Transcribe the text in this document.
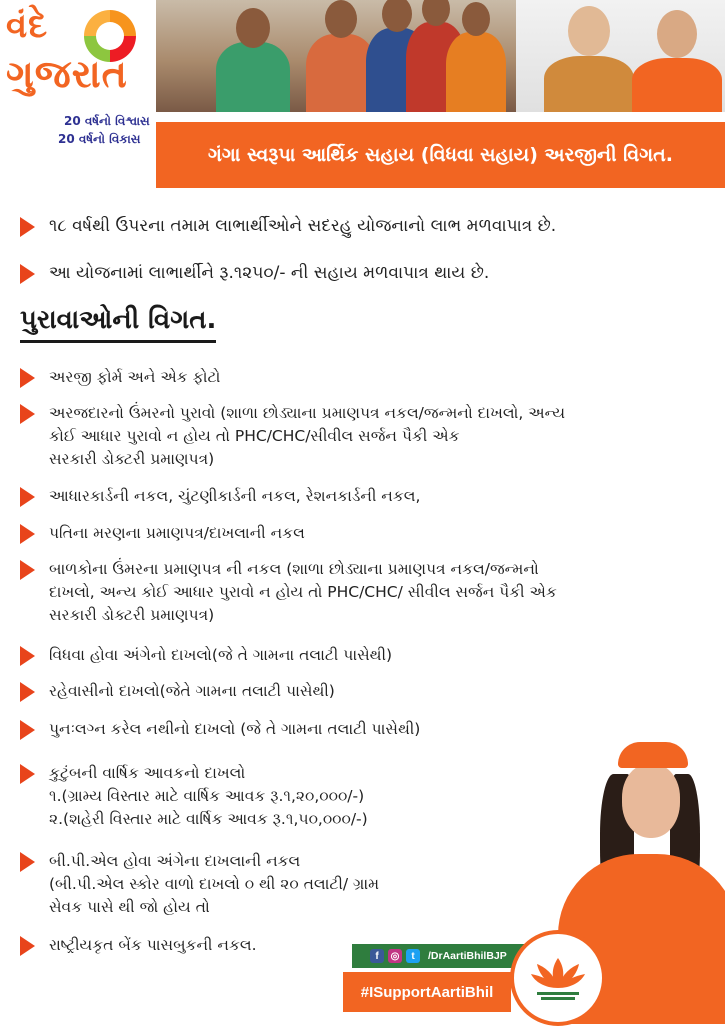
વંદે
ગુજરાત
20 વર્ષનો વિશ્વાસ
20 વર્ષનો વિકાસ
ગંગા સ્વરૂપા આર્થિક સહાય (વિધવા સહાય) અરજીની વિગત.
૧૮ વર્ષથી ઉપરના તમામ લાભાર્થીઓને સદરહુ યોજનાનો લાભ મળવાપાત્ર છે.
આ યોજનામાં લાભાર્થીને રૂ.૧૨૫૦/- ની સહાય મળવાપાત્ર થાય છે.
પુરાવાઓની વિગત.
અરજી ફોર્મ અને એક ફોટો
અરજદારનો ઉંમરનો પુરાવો (શાળા છોડ્યાના પ્રમાણપત્ર નકલ/જન્મનો દાખલો, અન્ય
કોઈ આધાર પુરાવો ન હોય તો PHC/CHC/સીવીલ સર્જન પૈકી એક
સરકારી ડોક્ટરી પ્રમાણપત્ર)
આધારકાર્ડની નકલ, ચુંટણીકાર્ડની નકલ, રેશનકાર્ડની નકલ,
પતિના મરણના પ્રમાણપત્ર/દાખલાની નકલ
બાળકોના ઉંમરના પ્રમાણપત્ર ની નકલ (શાળા છોડ્યાના પ્રમાણપત્ર નકલ/જન્મનો
દાખલો, અન્ય કોઈ આધાર પુરાવો ન હોય તો PHC/CHC/ સીવીલ સર્જન પૈકી એક
સરકારી ડોક્ટરી પ્રમાણપત્ર)
વિધવા હોવા અંગેનો દાખલો(જે તે ગામના તલાટી પાસેથી)
રહેવાસીનો દાખલો(જેતે ગામના તલાટી પાસેથી)
પુનઃલગ્ન કરેલ નથીનો દાખલો (જે તે ગામના તલાટી પાસેથી)
કુટુંબની વાર્ષિક આવકનો દાખલો
૧.(ગ્રામ્ય વિસ્તાર માટે વાર્ષિક આવક રૂ.૧,૨૦,૦૦૦/-)
૨.(શહેરી વિસ્તાર માટે વાર્ષિક આવક રૂ.૧,૫૦,૦૦૦/-)
બી.પી.એલ હોવા અંગેના દાખલાની નકલ
(બી.પી.એલ સ્કોર વાળો દાખલો ૦ થી ૨૦ તલાટી/ ગ્રામ
સેવક પાસે થી જો હોય તો
રાષ્ટ્રીયકૃત બેંક પાસબુકની નકલ.
f	◎	t	/DrAartiBhilBJP
#ISupportAartiBhil
